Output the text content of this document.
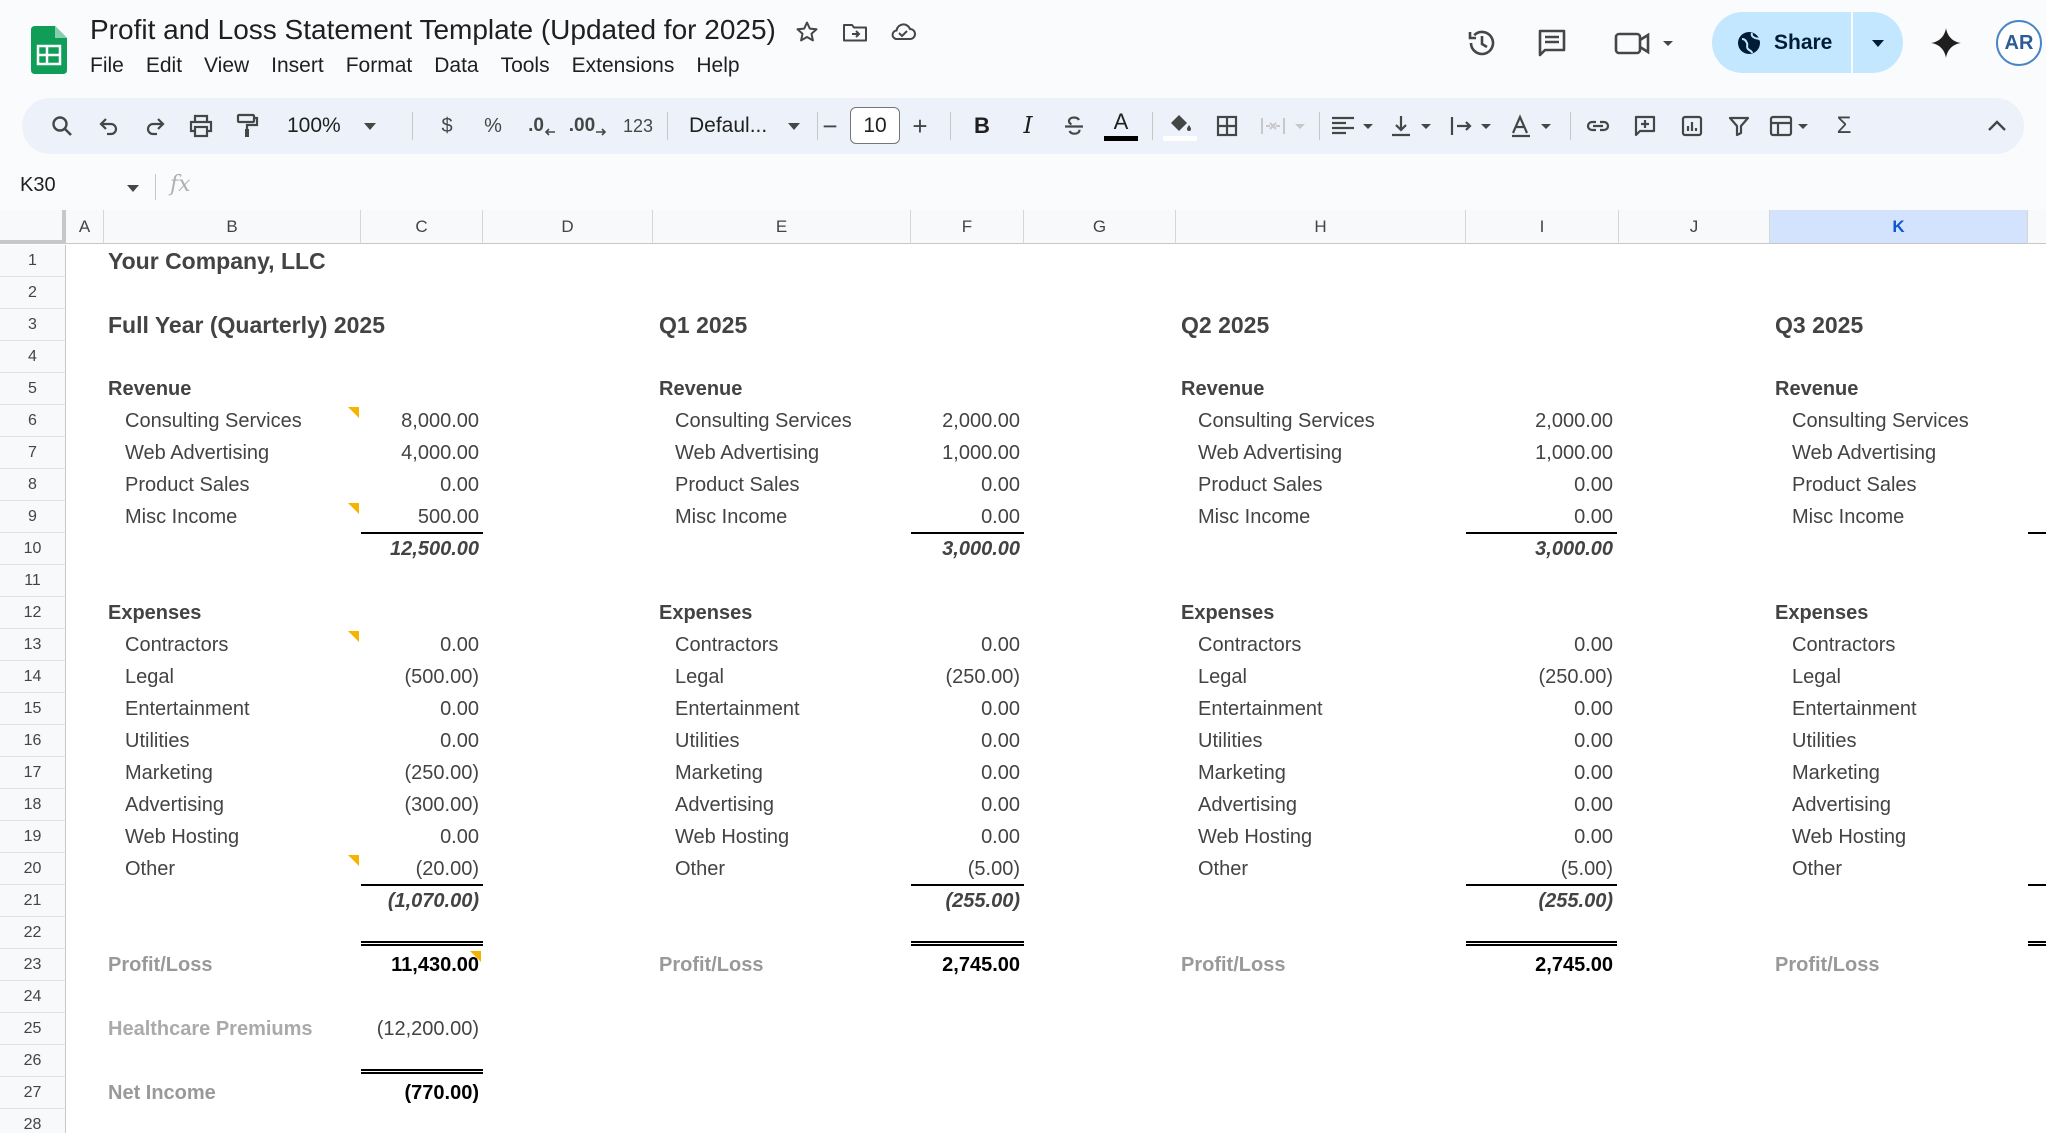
Profit and Loss Statement Template (Updated for 2025)
File	Edit	View	Insert	Format	Data	Tools	Extensions	Help
Share	AR
100%	$	%	.0 .00	123	Defaul...	−	10 +	B	I	A	Σ
K30	fx
A	B	C	D	E	F	G	H	I	J	K
1
2
3
4
5
6
7
8
9
10
11
12
13
14
15
16
17
18
19
20
21
22
23
24
25
26
27
28
Your Company, LLC
Full Year (Quarterly) 2025
Revenue
Consulting Services	8,000.00
Web Advertising	4,000.00
Product Sales	0.00
Misc Income	500.00
12,500.00
Expenses
Contractors	0.00
Legal	(500.00)
Entertainment	0.00
Utilities	0.00
Marketing	(250.00)
Advertising	(300.00)
Web Hosting	0.00
Other	(20.00)
(1,070.00)
Profit/Loss	11,430.00
Q1 2025
Revenue
Consulting Services	2,000.00
Web Advertising	1,000.00
Product Sales	0.00
Misc Income	0.00
3,000.00
Expenses
Contractors	0.00
Legal	(250.00)
Entertainment	0.00
Utilities	0.00
Marketing	0.00
Advertising	0.00
Web Hosting	0.00
Other	(5.00)
(255.00)
Profit/Loss	2,745.00
Q2 2025
Revenue
Consulting Services	2,000.00
Web Advertising	1,000.00
Product Sales	0.00
Misc Income	0.00
3,000.00
Expenses
Contractors	0.00
Legal	(250.00)
Entertainment	0.00
Utilities	0.00
Marketing	0.00
Advertising	0.00
Web Hosting	0.00
Other	(5.00)
(255.00)
Profit/Loss	2,745.00
Q3 2025
Revenue
Consulting Services
Web Advertising
Product Sales
Misc Income
Expenses
Contractors
Legal
Entertainment
Utilities
Marketing
Advertising
Web Hosting
Other
Profit/Loss
Healthcare Premiums	(12,200.00)
Net Income	(770.00)
